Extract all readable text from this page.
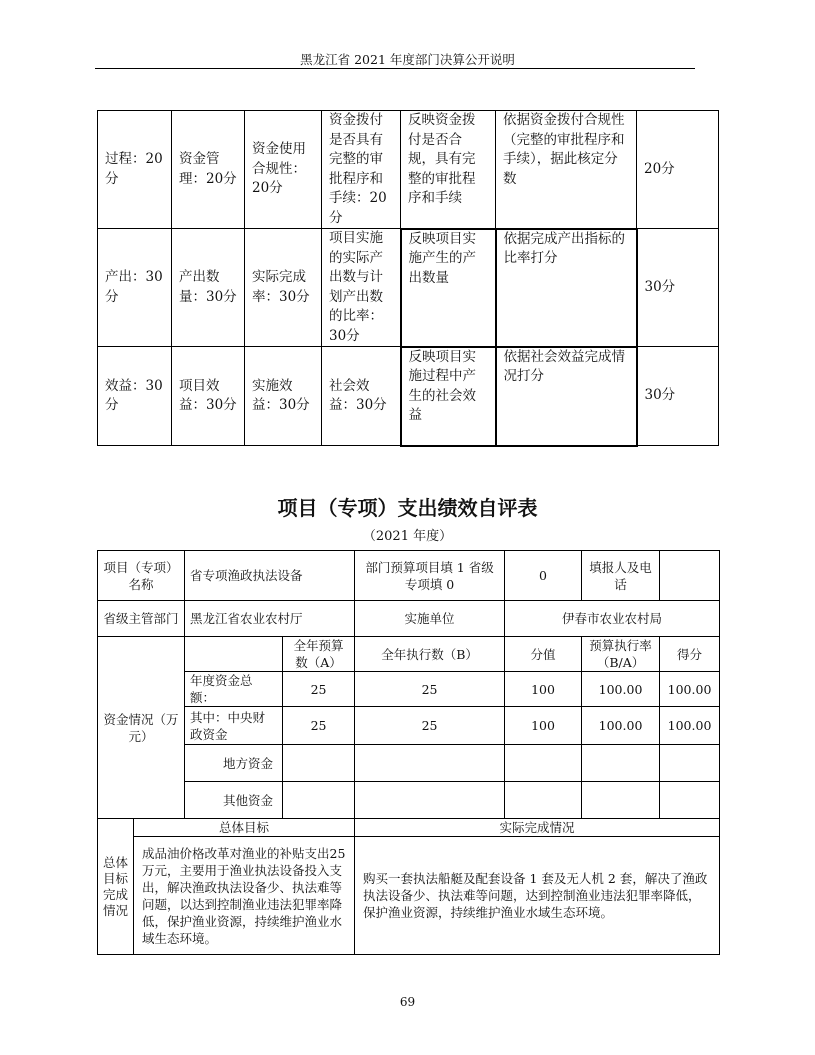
黑龙江省 2021 年度部门决算公开说明
过程：20分	资金管理：20分	资金使用合规性：20分	资金拨付是否具有完整的审批程序和手续：20分	反映资金拨付是否合规，具有完整的审批程序和手续	依据资金拨付合规性（完整的审批程序和手续），据此核定分数	20分
产出：30分	产出数量：30分	实际完成率：30分	项目实施的实际产出数与计划产出数的比率：30分	反映项目实施产生的产出数量	依据完成产出指标的比率打分	30分
效益：30分	项目效益：30分	实施效益：30分	社会效益：30分	反映项目实施过程中产生的社会效益	依据社会效益完成情况打分	30分
项目（专项）支出绩效自评表
（2021 年度）
项目（专项）名称		省专项渔政执法设备		部门预算项目填 1 省级专项填 0	0	填报人及电话	
省级主管部门		黑龙江省农业农村厅		实施单位	伊春市农业农村局		
资金情况（万元）			全年预算数（A）	全年执行数（B）	分值	预算执行率（B/A）	得分
		年度资金总额：	25	25	100	100.00	100.00
		其中：中央财政资金	25	25	100	100.00	100.00
		地方资金					
		其他资金					
总体目标完成情况	总体目标			实际完成情况			
	成品油价格改革对渔业的补贴支出25万元，主要用于渔业执法设备投入支出，解决渔政执法设备少、执法难等问题，以达到控制渔业违法犯罪率降低，保护渔业资源，持续维护渔业水域生态环境。			购买一套执法船艇及配套设备 1 套及无人机 2 套，解决了渔政执法设备少、执法难等问题，达到控制渔业违法犯罪率降低，保护渔业资源，持续维护渔业水域生态环境。			
69
